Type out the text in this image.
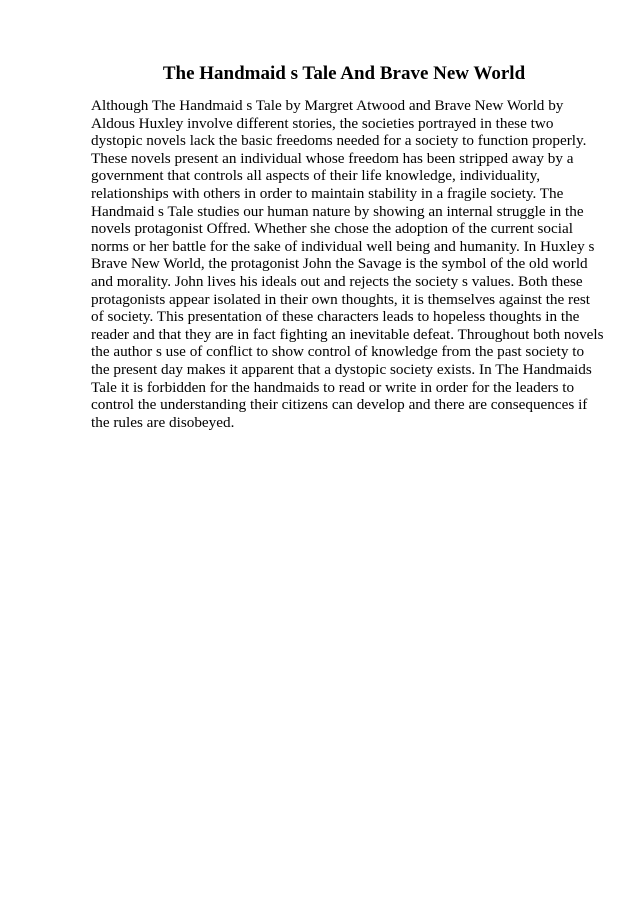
The Handmaid s Tale And Brave New World

Although The Handmaid s Tale by Margret Atwood and Brave New World by
Aldous Huxley involve different stories, the societies portrayed in these two
dystopic novels lack the basic freedoms needed for a society to function properly.
These novels present an individual whose freedom has been stripped away by a
government that controls all aspects of their life knowledge, individuality,
relationships with others in order to maintain stability in a fragile society. The
Handmaid s Tale studies our human nature by showing an internal struggle in the
novels protagonist Offred. Whether she chose the adoption of the current social
norms or her battle for the sake of individual well being and humanity. In Huxley s
Brave New World, the protagonist John the Savage is the symbol of the old world
and morality. John lives his ideals out and rejects the society s values. Both these
protagonists appear isolated in their own thoughts, it is themselves against the rest
of society. This presentation of these characters leads to hopeless thoughts in the
reader and that they are in fact fighting an inevitable defeat. Throughout both novels
the author s use of conflict to show control of knowledge from the past society to
the present day makes it apparent that a dystopic society exists. In The Handmaids
Tale it is forbidden for the handmaids to read or write in order for the leaders to
control the understanding their citizens can develop and there are consequences if
the rules are disobeyed.
